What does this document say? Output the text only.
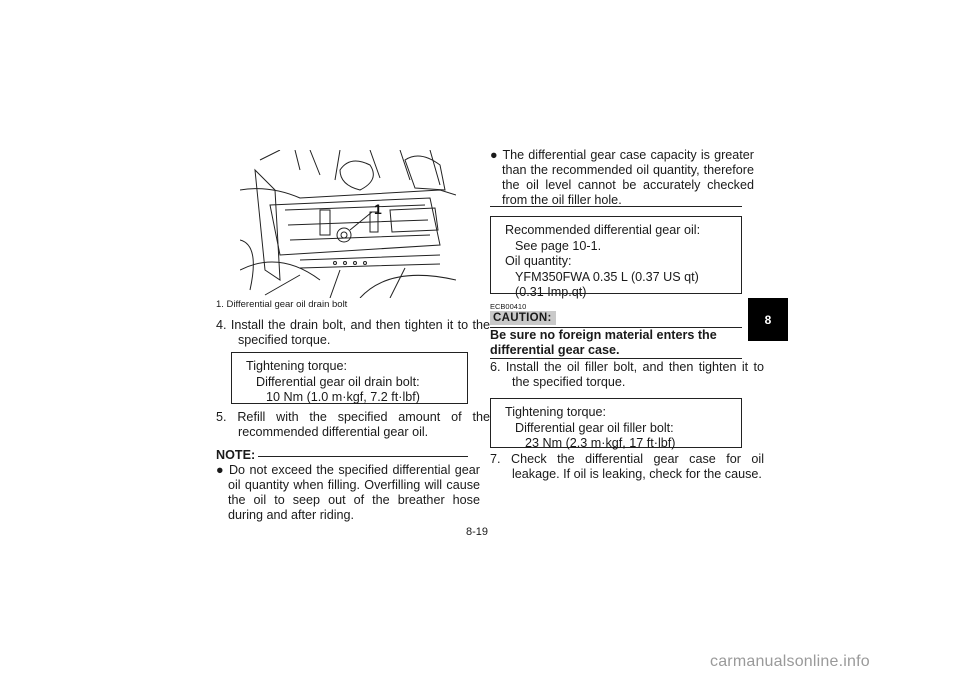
1
1. Differential gear oil drain bolt
4. Install the drain bolt, and then tighten it to the specified torque.
Tightening torque:
Differential gear oil drain bolt:
10 Nm (1.0 m·kgf, 7.2 ft·lbf)
5. Refill with the specified amount of the recommended differential gear oil.
NOTE:
● Do not exceed the specified differential gear oil quantity when filling. Overfilling will cause the oil to seep out of the breather hose during and after riding.
● The differential gear case capacity is greater than the recommended oil quantity, therefore the oil level cannot be accurately checked from the oil filler hole.
Recommended differential gear oil:
See page 10-1.
Oil quantity:
YFM350FWA 0.35 L (0.37 US qt) (0.31 Imp.qt)
ECB00410
CAUTION:
Be sure no foreign material enters the differential gear case.
6. Install the oil filler bolt, and then tighten it to the specified torque.
Tightening torque:
Differential gear oil filler bolt:
23 Nm (2.3 m·kgf, 17 ft·lbf)
7. Check the differential gear case for oil leakage. If oil is leaking, check for the cause.
8
8-19
carmanualsonline.info
